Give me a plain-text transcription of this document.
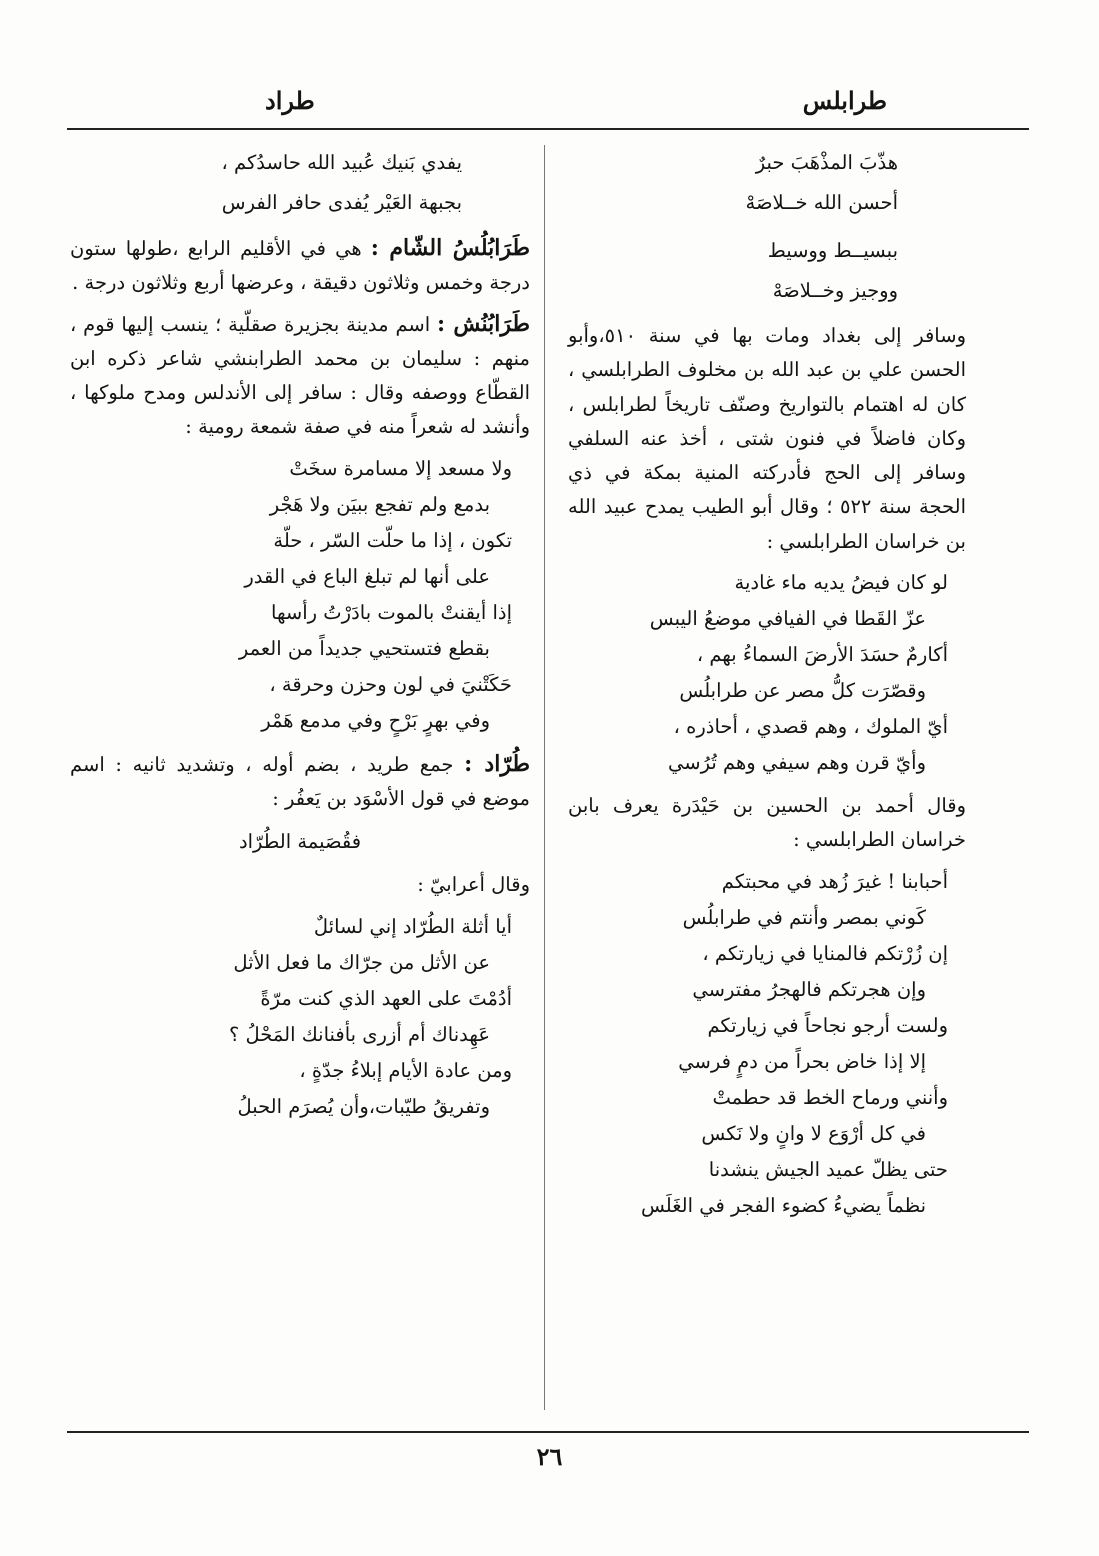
طرابلس
طراد
هذّبَ المذْهَبَ حبرٌ
أحسن الله خــلاصَهْ
ببسيــط ووسيط
ووجيز وخــلاصَهْ

وسافر إلى بغداد ومات بها في سنة ٥١٠،وأبو الحسن علي بن عبد الله بن مخلوف الطرابلسي ، كان له اهتمام بالتواريخ وصنّف تاريخاً لطرابلس ، وكان فاضلاً في فنون شتى ، أخذ عنه السلفي وسافر إلى الحج فأدركته المنية بمكة في ذي الحجة سنة ٥٢٢ ؛ وقال أبو الطيب يمدح عبيد الله بن خراسان الطرابلسي :

لو كان فيضُ يديه ماء غادية
عزّ القَطا في الفيافي موضعُ اليبس
أكارمٌ حسَدَ الأرضَ السماءُ بهم ،
وقصّرَت كلُّ مصر عن طرابلُس
أيّ الملوك ، وهم قصدي ، أحاذره ،
وأيّ قرن وهم سيفي وهم تُرُسي

وقال أحمد بن الحسين بن حَيْدَرة يعرف بابن خراسان الطرابلسي :

أحبابنا ! غيرَ زُهد في محبتكم
كَوني بمصر وأنتم في طرابلُس
إن زُرْتكم فالمنايا في زيارتكم ،
وإن هجرتكم فالهجرُ مفترسي
ولست أرجو نجاحاً في زيارتكم
إلا إذا خاض بحراً من دمٍ فرسي
وأنني ورماح الخط قد حطمتْ
في كل أرْوَع لا وانٍ ولا نَكس
حتى يظلّ عميد الجيش ينشدنا
نظماً يضيءُ كضوء الفجر في الغَلَس
يفدي بَنيك عُبيد الله حاسدُكم ،
بجبهة العَيْر يُفدى حافر الفرس

طَرَابُلُسُ الشّام : هي في الأقليم الرابع ،طولها ستون درجة وخمس وثلاثون دقيقة ، وعرضها أربع وثلاثون درجة .

طَرَابُنُش : اسم مدينة بجزيرة صقلّية ؛ ينسب إليها قوم ، منهم : سليمان بن محمد الطرابنشي شاعر ذكره ابن القطّاع ووصفه وقال : سافر إلى الأندلس ومدح ملوكها ، وأنشد له شعراً منه في صفة شمعة رومية :

ولا مسعد إلا مسامرة سخَتْ
بدمع ولم تفجع ببيَن ولا هَجْر
تكون ، إذا ما حلّت السّر ، حلّة
على أنها لم تبلغ الباع في القدر
إذا أيقنتْ بالموت بادَرْتُ رأسها
بقطع فتستحيي جديداً من العمر
حَكَتْنيَ في لون وحزن وحرقة ،
وفي بهرٍ بَرْحٍ وفي مدمع هَمْر

طُرّاد : جمع طريد ، بضم أوله ، وتشديد ثانيه : اسم موضع في قول الأسْوَد بن يَعفُر :

فقُصَيمة الطُرّاد

وقال أعرابيّ :

أيا أثلة الطُرّاد إني لسائلٌ
عن الأثل من جرّاك ما فعل الأثل
أدُمْتَ على العهد الذي كنت مرّةً
عَهِدناك أم أزرى بأفنانك المَحْلُ ؟
ومن عادة الأيام إبلاءُ جدّةٍ ،
وتفريقُ طيّبات،وأن يُصرَم الحبلُ
٢٦
